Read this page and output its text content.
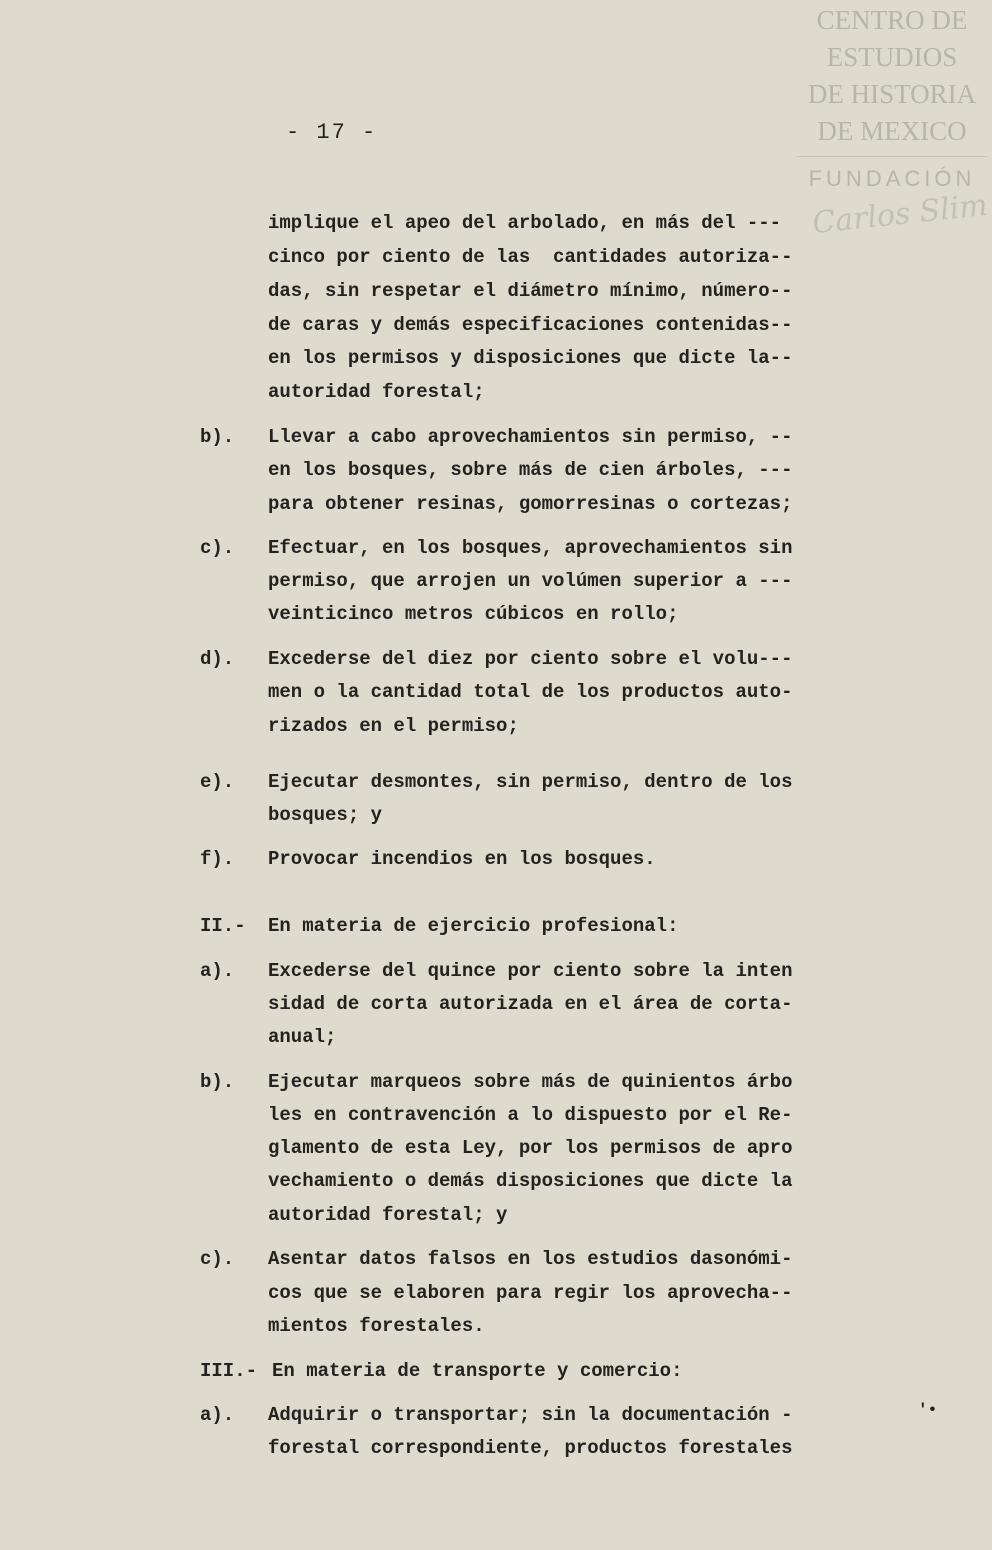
CENTRO DE
ESTUDIOS
DE HISTORIA
DE MEXICO
FUNDACIÓN
Carlos Slim
- 17 -
implique el apeo del arbolado, en más del ---
cinco por ciento de las  cantidades autoriza--
das, sin respetar el diámetro mínimo, número--
de caras y demás especificaciones contenidas--
en los permisos y disposiciones que dicte la--
autoridad forestal;
b). Llevar a cabo aprovechamientos sin permiso, --
en los bosques, sobre más de cien árboles, ---
para obtener resinas, gomorresinas o cortezas;
c). Efectuar, en los bosques, aprovechamientos sin
permiso, que arrojen un volúmen superior a ---
veinticinco metros cúbicos en rollo;
d). Excederse del diez por ciento sobre el volu---
men o la cantidad total de los productos auto-
rizados en el permiso;
e). Ejecutar desmontes, sin permiso, dentro de los
bosques; y
f). Provocar incendios en los bosques.
II.- En materia de ejercicio profesional:
a). Excederse del quince por ciento sobre la inten
sidad de corta autorizada en el área de corta-
anual;
b). Ejecutar marqueos sobre más de quinientos árbo
les en contravención a lo dispuesto por el Re-
glamento de esta Ley, por los permisos de apro
vechamiento o demás disposiciones que dicte la
autoridad forestal; y
c). Asentar datos falsos en los estudios dasonómi-
cos que se elaboren para regir los aprovecha--
mientos forestales.
III.- En materia de transporte y comercio:
a). Adquirir o transportar; sin la documentación -
forestal correspondiente, productos forestales
'•
